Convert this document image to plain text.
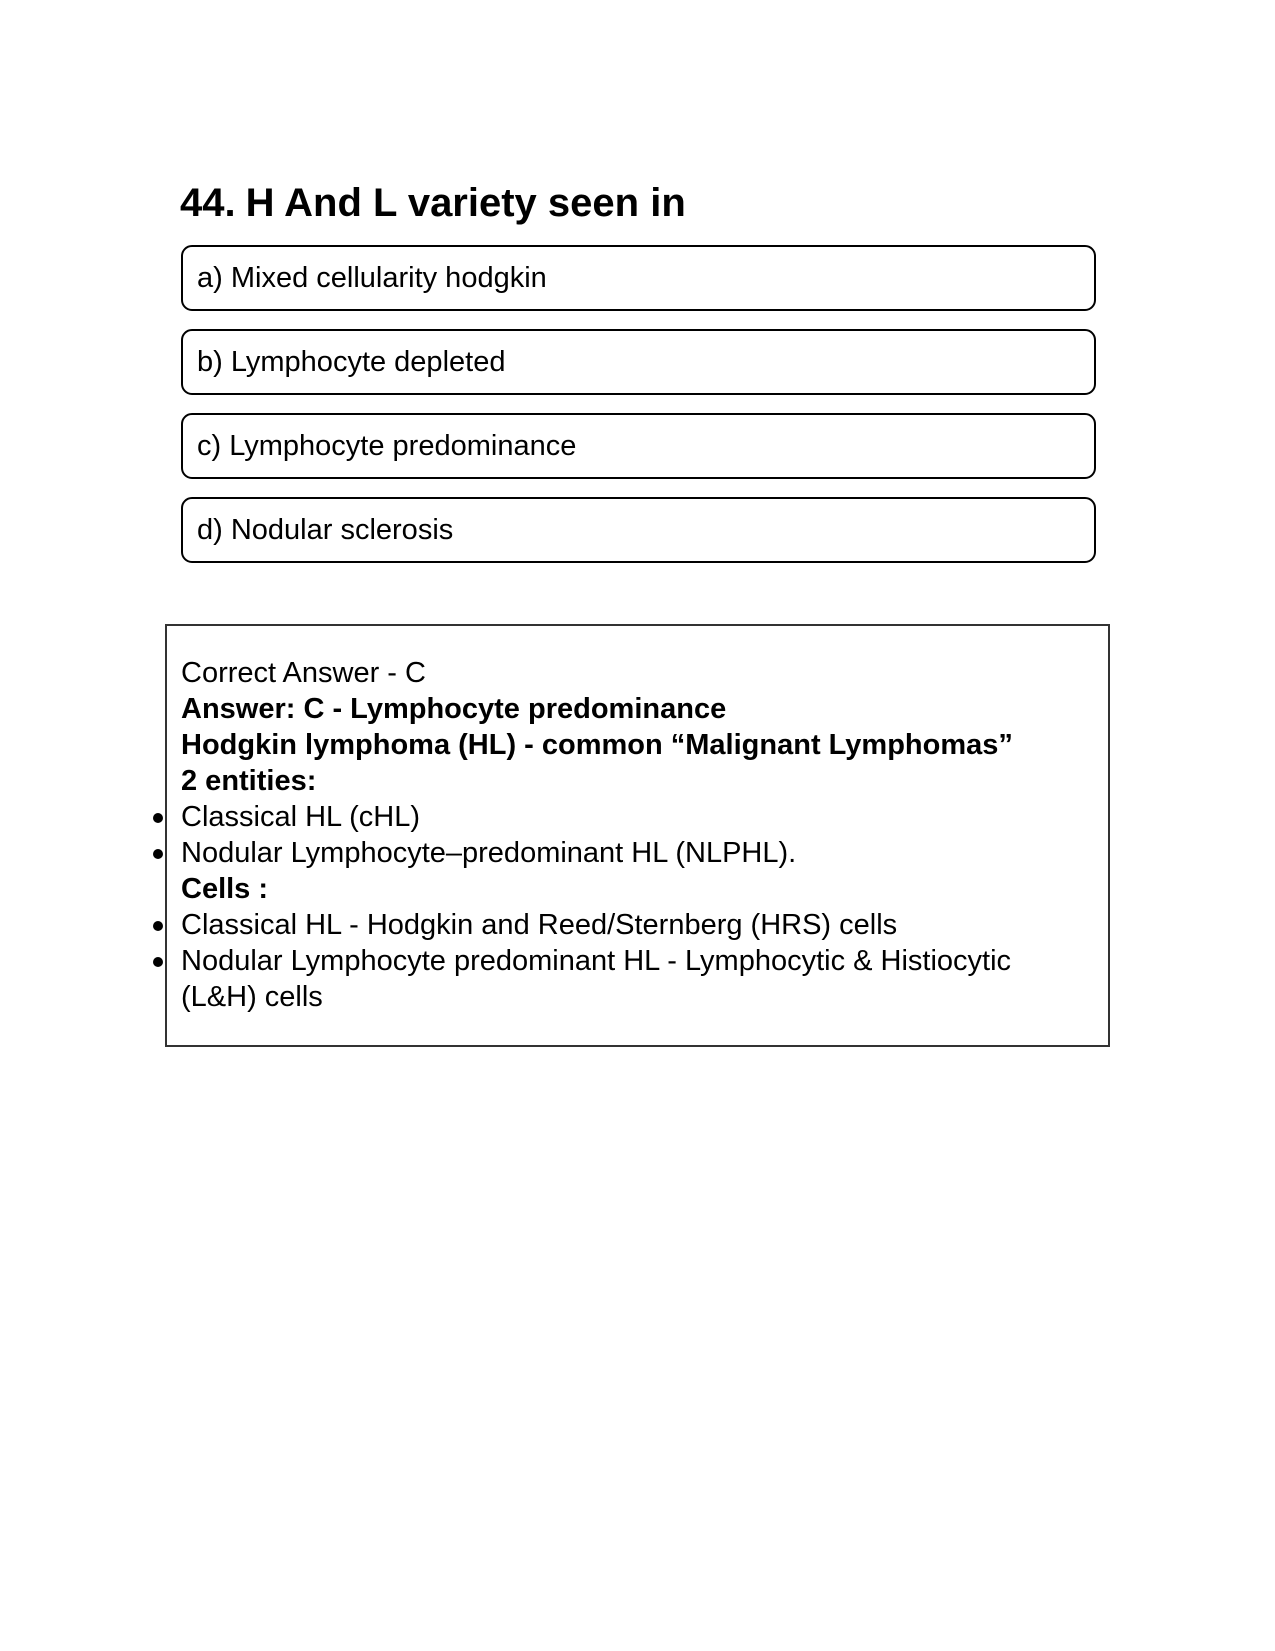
44. H And L variety seen in
a) Mixed cellularity hodgkin
b) Lymphocyte depleted
c) Lymphocyte predominance
d) Nodular sclerosis
Correct Answer - C
Answer: C - Lymphocyte predominance
Hodgkin lymphoma (HL) - common “Malignant Lymphomas”
2 entities:
Classical HL (cHL)
Nodular Lymphocyte–predominant HL (NLPHL).
Cells :
Classical HL - Hodgkin and Reed/Sternberg (HRS) cells
Nodular Lymphocyte predominant HL - Lymphocytic & Histiocytic (L&H) cells
